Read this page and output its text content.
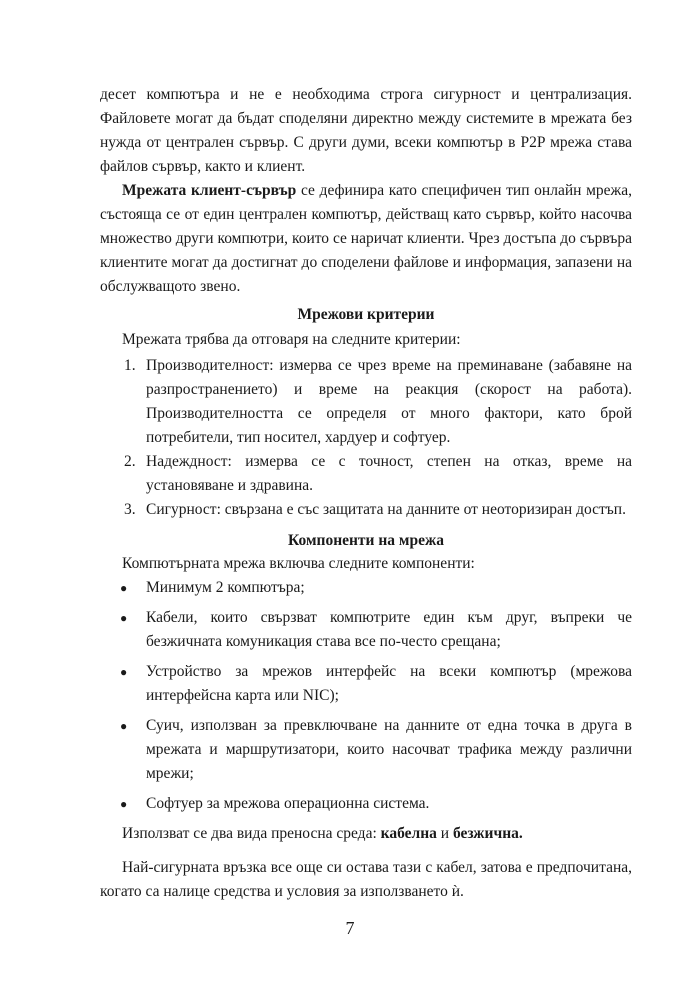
десет компютъра и не е необходима строга сигурност и централизация. Файловете могат да бъдат споделяни директно между системите в мрежата без нужда от централен сървър. С други думи, всеки компютър в P2P мрежа става файлов сървър, както и клиент.

Мрежата клиент-сървър се дефинира като специфичен тип онлайн мрежа, състояща се от един централен компютър, действащ като сървър, който насочва множество други компютри, които се наричат клиенти. Чрез достъпа до сървъра клиентите могат да достигнат до споделени файлове и информация, запазени на обслужващото звено.

Мрежови критерии

Мрежата трябва да отговаря на следните критерии:

1. Производителност: измерва се чрез време на преминаване (забавяне на разпространението) и време на реакция (скорост на работа). Производителността се определя от много фактори, като брой потребители, тип носител, хардуер и софтуер.
2. Надеждност: измерва се с точност, степен на отказ, време на установяване и здравина.
3. Сигурност: свързана е със защитата на данните от неоторизиран достъп.
Компоненти на мрежа

Компютърната мрежа включва следните компоненти:

● Минимум 2 компютъра;
● Кабели, които свързват компютрите един към друг, въпреки че безжичната комуникация става все по-често срещана;
● Устройство за мрежов интерфейс на всеки компютър (мрежова интерфейсна карта или NIC);
● Суич, използван за превключване на данните от една точка в друга в мрежата и маршрутизатори, които насочват трафика между различни мрежи;
● Софтуер за мрежова операционна система.

Използват се два вида преносна среда: кабелна и безжична.

Най-сигурната връзка все още си остава тази с кабел, затова е предпочитана, когато са налице средства и условия за използването ѝ.

7
